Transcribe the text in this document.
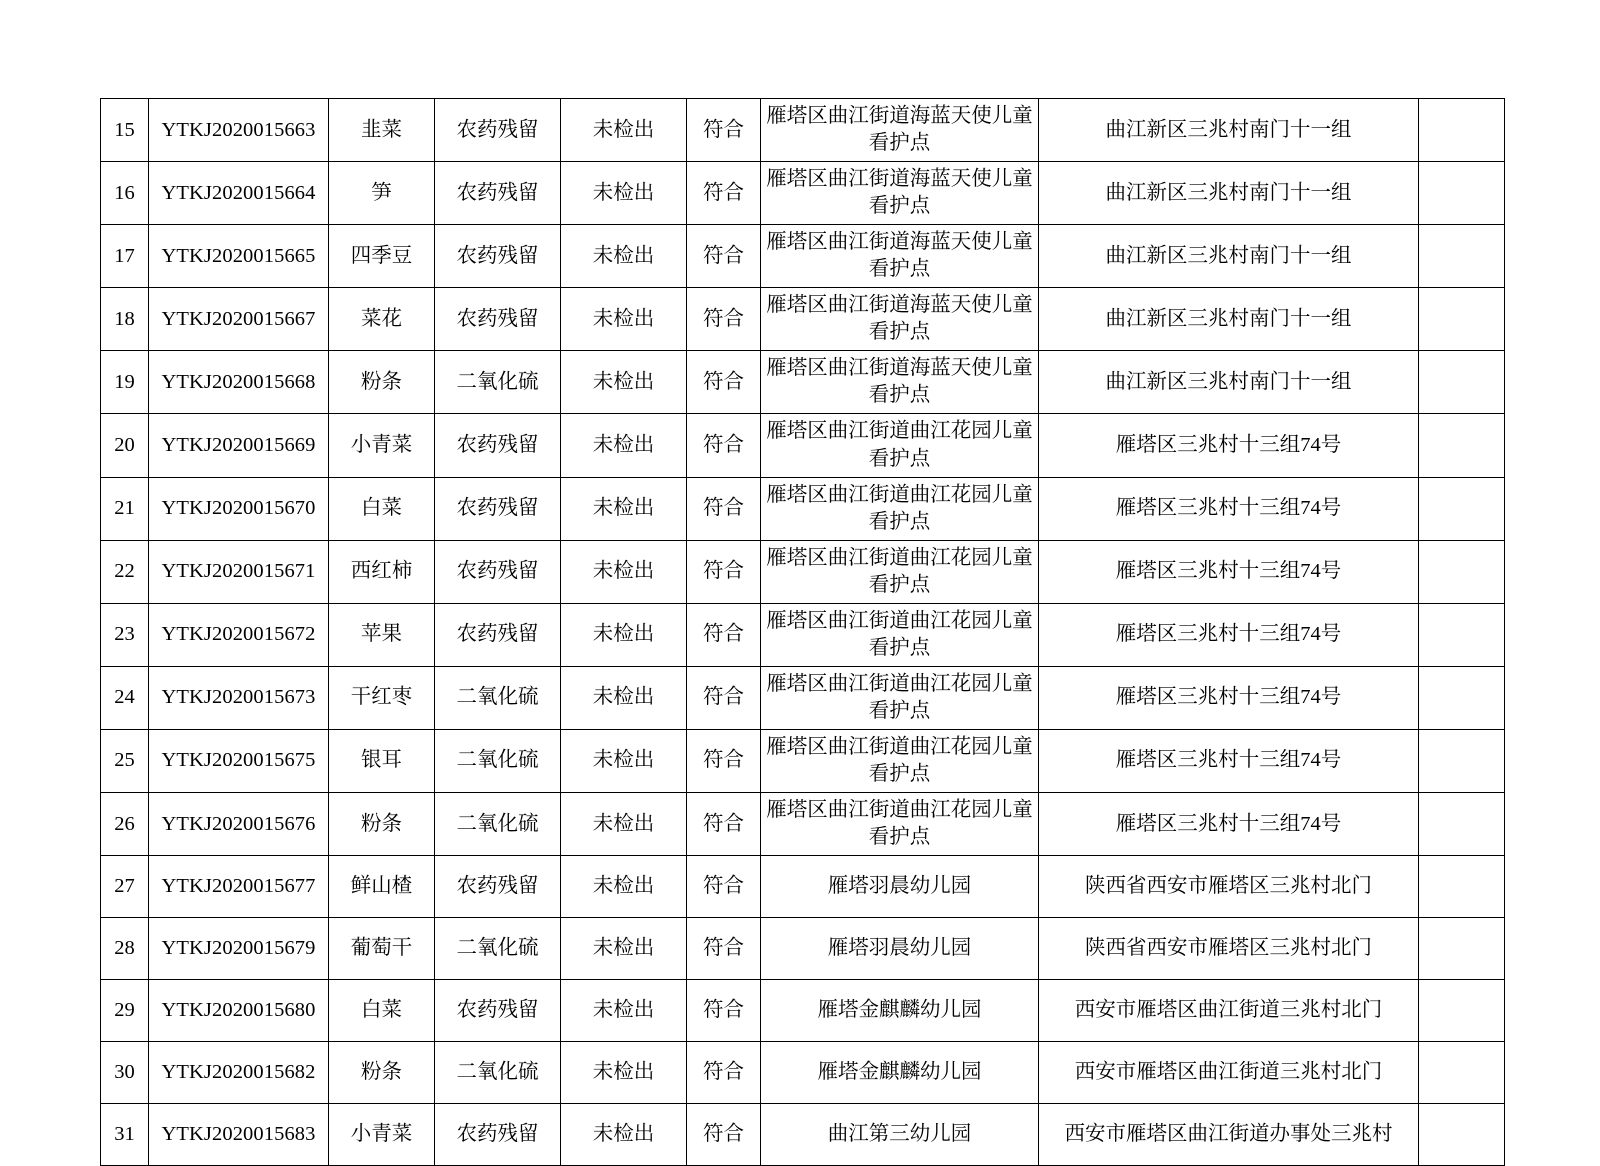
15	YTKJ2020015663	韭菜	农药残留	未检出	符合	雁塔区曲江街道海蓝天使儿童看护点	曲江新区三兆村南门十一组	
16	YTKJ2020015664	笋	农药残留	未检出	符合	雁塔区曲江街道海蓝天使儿童看护点	曲江新区三兆村南门十一组	
17	YTKJ2020015665	四季豆	农药残留	未检出	符合	雁塔区曲江街道海蓝天使儿童看护点	曲江新区三兆村南门十一组	
18	YTKJ2020015667	菜花	农药残留	未检出	符合	雁塔区曲江街道海蓝天使儿童看护点	曲江新区三兆村南门十一组	
19	YTKJ2020015668	粉条	二氧化硫	未检出	符合	雁塔区曲江街道海蓝天使儿童看护点	曲江新区三兆村南门十一组	
20	YTKJ2020015669	小青菜	农药残留	未检出	符合	雁塔区曲江街道曲江花园儿童看护点	雁塔区三兆村十三组74号	
21	YTKJ2020015670	白菜	农药残留	未检出	符合	雁塔区曲江街道曲江花园儿童看护点	雁塔区三兆村十三组74号	
22	YTKJ2020015671	西红柿	农药残留	未检出	符合	雁塔区曲江街道曲江花园儿童看护点	雁塔区三兆村十三组74号	
23	YTKJ2020015672	苹果	农药残留	未检出	符合	雁塔区曲江街道曲江花园儿童看护点	雁塔区三兆村十三组74号	
24	YTKJ2020015673	干红枣	二氧化硫	未检出	符合	雁塔区曲江街道曲江花园儿童看护点	雁塔区三兆村十三组74号	
25	YTKJ2020015675	银耳	二氧化硫	未检出	符合	雁塔区曲江街道曲江花园儿童看护点	雁塔区三兆村十三组74号	
26	YTKJ2020015676	粉条	二氧化硫	未检出	符合	雁塔区曲江街道曲江花园儿童看护点	雁塔区三兆村十三组74号	
27	YTKJ2020015677	鲜山楂	农药残留	未检出	符合	雁塔羽晨幼儿园	陕西省西安市雁塔区三兆村北门	
28	YTKJ2020015679	葡萄干	二氧化硫	未检出	符合	雁塔羽晨幼儿园	陕西省西安市雁塔区三兆村北门	
29	YTKJ2020015680	白菜	农药残留	未检出	符合	雁塔金麒麟幼儿园	西安市雁塔区曲江街道三兆村北门	
30	YTKJ2020015682	粉条	二氧化硫	未检出	符合	雁塔金麒麟幼儿园	西安市雁塔区曲江街道三兆村北门	
31	YTKJ2020015683	小青菜	农药残留	未检出	符合	曲江第三幼儿园	西安市雁塔区曲江街道办事处三兆村	
